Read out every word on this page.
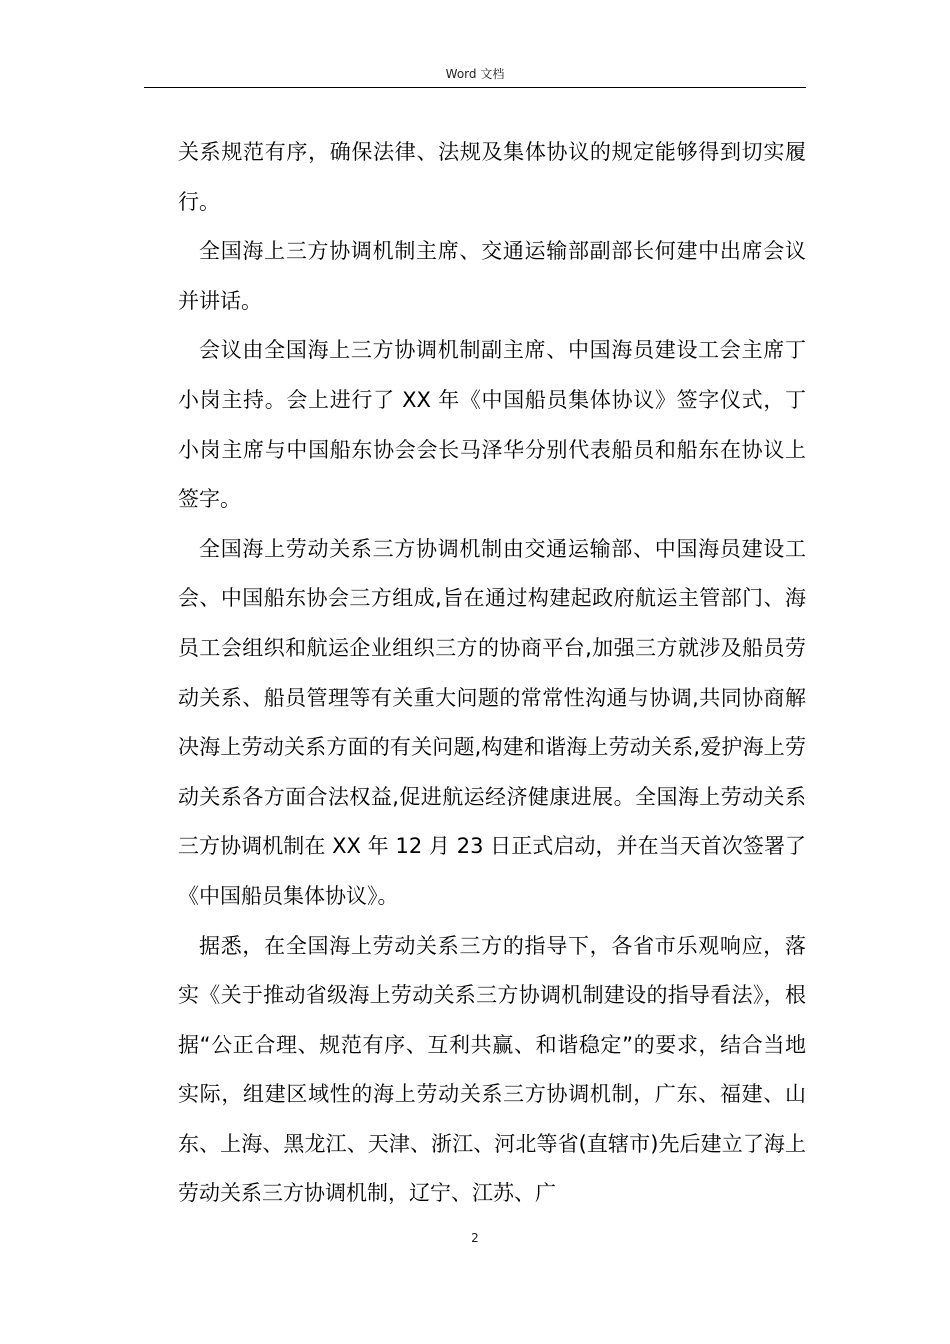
Word 文档

关系规范有序，确保法律、法规及集体协议的规定能够得到切实履行。

全国海上三方协调机制主席、交通运输部副部长何建中出席会议并讲话。

会议由全国海上三方协调机制副主席、中国海员建设工会主席丁小岗主持。会上进行了 XX 年《中国船员集体协议》签字仪式，丁小岗主席与中国船东协会会长马泽华分别代表船员和船东在协议上签字。

全国海上劳动关系三方协调机制由交通运输部、中国海员建设工会、中国船东协会三方组成,旨在通过构建起政府航运主管部门、海员工会组织和航运企业组织三方的协商平台,加强三方就涉及船员劳动关系、船员管理等有关重大问题的常常性沟通与协调,共同协商解决海上劳动关系方面的有关问题,构建和谐海上劳动关系,爱护海上劳动关系各方面合法权益,促进航运经济健康进展。全国海上劳动关系三方协调机制在 XX 年 12 月 23 日正式启动，并在当天首次签署了《中国船员集体协议》。

据悉，在全国海上劳动关系三方的指导下，各省市乐观响应，落实《关于推动省级海上劳动关系三方协调机制建设的指导看法》，根据“公正合理、规范有序、互利共赢、和谐稳定”的要求，结合当地实际，组建区域性的海上劳动关系三方协调机制，广东、福建、山东、上海、黑龙江、天津、浙江、河北等省(直辖市)先后建立了海上劳动关系三方协调机制，辽宁、江苏、广

2
